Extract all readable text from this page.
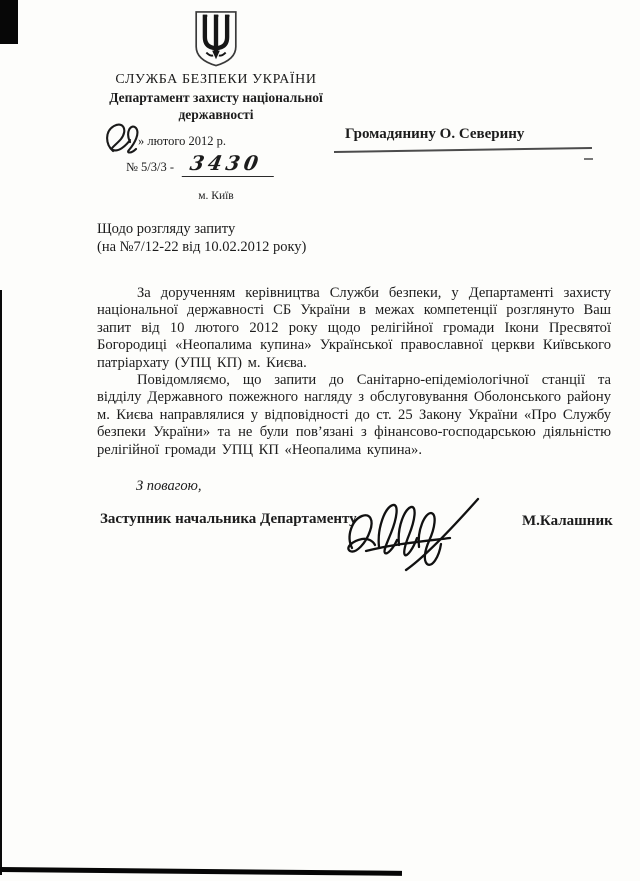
СЛУЖБА БЕЗПЕКИ УКРАЇНИ
Департамент захисту національної
державності
» лютого 2012 р.
№ 5/3/3 - 3430
м. Київ
Громадянину О. Северину
Щодо розгляду запиту
(на №7/12-22 від 10.02.2012 року)

За дорученням керівництва Служби безпеки, у Департаменті захисту національної державності СБ України в межах компетенції розглянуто Ваш запит від 10 лютого 2012 року щодо релігійної громади Ікони Пресвятої Богородиці «Неопалима купина» Української православної церкви Київського патріархату (УПЦ КП) м. Києва.

Повідомляємо, що запити до Санітарно-епідеміологічної станції та відділу Державного пожежного нагляду з обслуговування Оболонського району м. Києва направлялися у відповідності до ст. 25 Закону України «Про Службу безпеки України» та не були пов’язані з фінансово-господарською діяльністю релігійної громади УПЦ КП «Неопалима купина».

З повагою,
Заступник начальника Департаменту	М.Калашник
